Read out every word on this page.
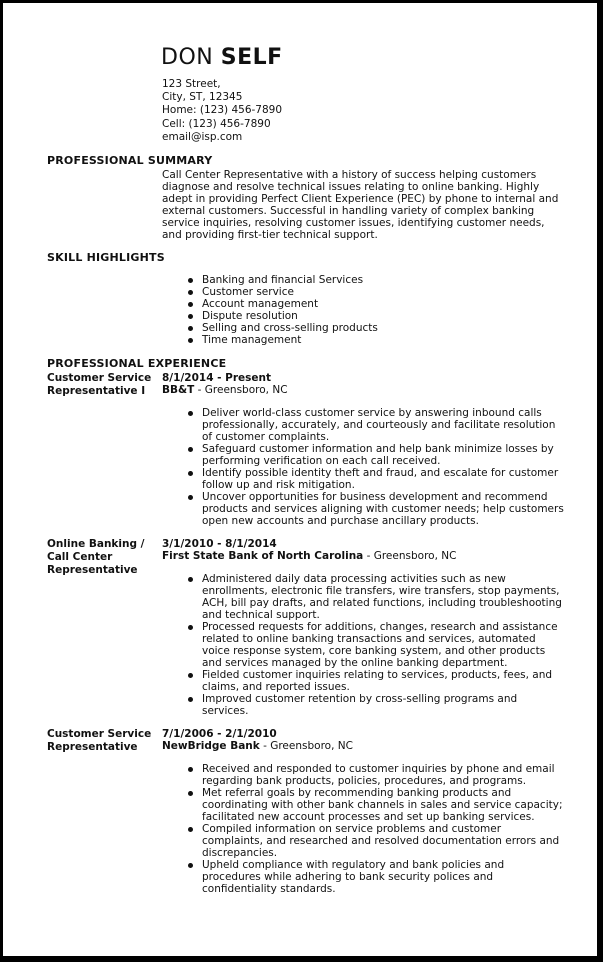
DON SELF
123 Street,
City, ST, 12345
Home: (123) 456-7890
Cell: (123) 456-7890
email@isp.com
PROFESSIONAL SUMMARY
Call Center Representative with a history of success helping customers diagnose and resolve technical issues relating to online banking. Highly adept in providing Perfect Client Experience (PEC) by phone to internal and external customers. Successful in handling variety of complex banking service inquiries, resolving customer issues, identifying customer needs, and providing first-tier technical support.
SKILL HIGHLIGHTS
Banking and financial Services
Customer service
Account management
Dispute resolution
Selling and cross-selling products
Time management
PROFESSIONAL EXPERIENCE
Customer Service Representative I
8/1/2014 - Present
BB&T - Greensboro, NC
Deliver world-class customer service by answering inbound calls professionally, accurately, and courteously and facilitate resolution of customer complaints.
Safeguard customer information and help bank minimize losses by performing verification on each call received.
Identify possible identity theft and fraud, and escalate for customer follow up and risk mitigation.
Uncover opportunities for business development and recommend products and services aligning with customer needs; help customers open new accounts and purchase ancillary products.
Online Banking / Call Center Representative
3/1/2010 - 8/1/2014
First State Bank of North Carolina - Greensboro, NC
Administered daily data processing activities such as new enrollments, electronic file transfers, wire transfers, stop payments, ACH, bill pay drafts, and related functions, including troubleshooting and technical support.
Processed requests for additions, changes, research and assistance related to online banking transactions and services, automated voice response system, core banking system, and other products and services managed by the online banking department.
Fielded customer inquiries relating to services, products, fees, and claims, and reported issues.
Improved customer retention by cross-selling programs and services.
Customer Service Representative
7/1/2006 - 2/1/2010
NewBridge Bank - Greensboro, NC
Received and responded to customer inquiries by phone and email regarding bank products, policies, procedures, and programs.
Met referral goals by recommending banking products and coordinating with other bank channels in sales and service capacity; facilitated new account processes and set up banking services.
Compiled information on service problems and customer complaints, and researched and resolved documentation errors and discrepancies.
Upheld compliance with regulatory and bank policies and procedures while adhering to bank security polices and confidentiality standards.
